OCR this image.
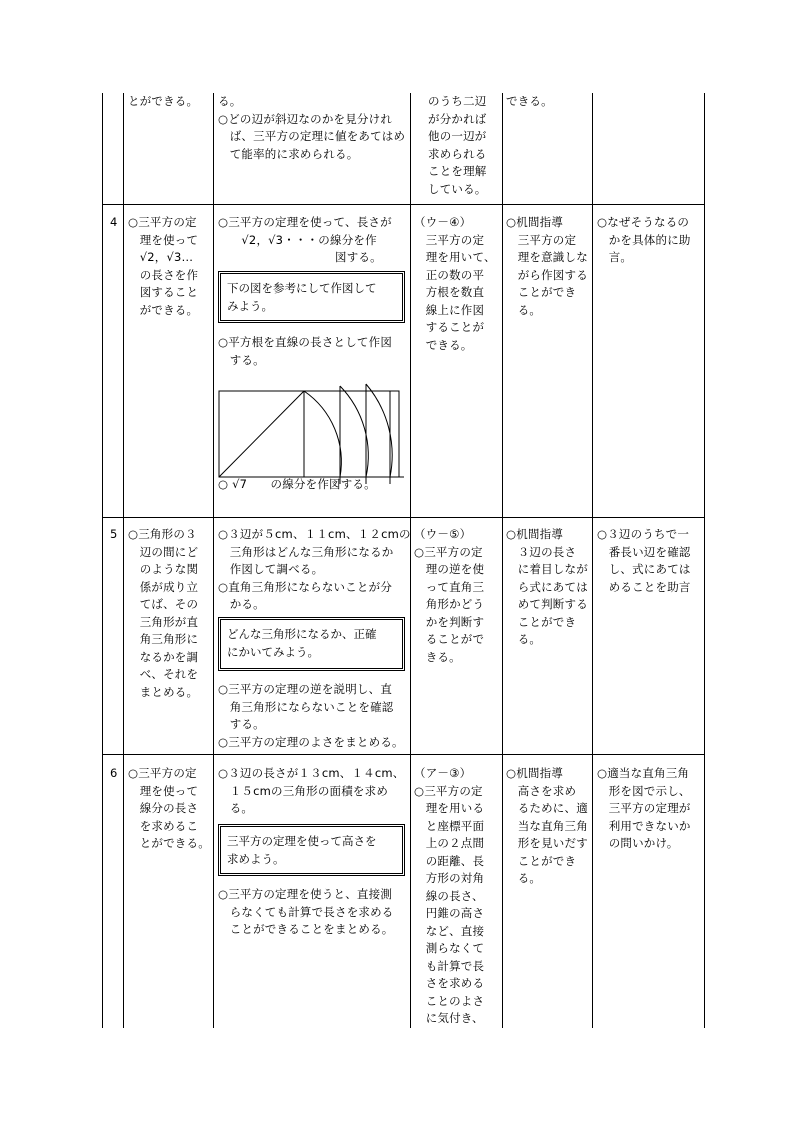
とができる。 る。
○どの辺が斜辺なのかを見分けれ
　ば、三平方の定理に値をあてはめ
　て能率的に求められる。
のうち二辺
が分かれば
他の一辺が
求められる
ことを理解
している。
できる。
4 ○三平方の定
　理を使って
　√2，√3…
　の長さを作
　図すること
　ができる。
○三平方の定理を使って、長さが
　　√2，√3・・・の線分を作
　　　　　　　　　　図する。
下の図を参考にして作図して
みよう。
○平方根を直線の長さとして作図
　する。
○ √7　　の線分を作図する。
（ウ－④）
　三平方の定
　理を用いて、
　正の数の平
　方根を数直
　線上に作図
　することが
　できる。
○机間指導
　三平方の定
　理を意識しな
　がら作図する
　ことができ
　る。
○なぜそうなるの
　かを具体的に助
　言。
5 ○三角形の３
　辺の間にど
　のような関
　係が成り立
　てば、その
　三角形が直
　角三角形に
　なるかを調
　べ、それを
　まとめる。
○３辺が５cm、１１cm、１２cmの
　三角形はどんな三角形になるか
　作図して調べる。
○直角三角形にならないことが分
　かる。
どんな三角形になるか、正確
にかいてみよう。
○三平方の定理の逆を説明し、直
　角三角形にならないことを確認
　する。
○三平方の定理のよさをまとめる。
（ウ－⑤）
○三平方の定
　理の逆を使
　って直角三
　角形かどう
　かを判断す
　ることがで
　きる。
○机間指導
　３辺の長さ
　に着目しなが
　ら式にあては
　めて判断する
　ことができ
　る。
○３辺のうちで一
　番長い辺を確認
　し、式にあては
　めることを助言
6 ○三平方の定
　理を使って
　線分の長さ
　を求めるこ
　とができる。
○３辺の長さが１３cm、１４cm、
　１５cmの三角形の面積を求め
　る。
三平方の定理を使って高さを
求めよう。
○三平方の定理を使うと、直接測
　らなくても計算で長さを求める
　ことができることをまとめる。
（ア－③）
○三平方の定
　理を用いる
　と座標平面
　上の２点間
　の距離、長
　方形の対角
　線の長さ、
　円錐の高さ
　など、直接
　測らなくて
　も計算で長
　さを求める
　ことのよさ
　に気付き、
○机間指導
　高さを求め
　るために、適
　当な直角三角
　形を見いだす
　ことができ
　る。
○適当な直角三角
　形を図で示し、
　三平方の定理が
　利用できないか
　の問いかけ。
